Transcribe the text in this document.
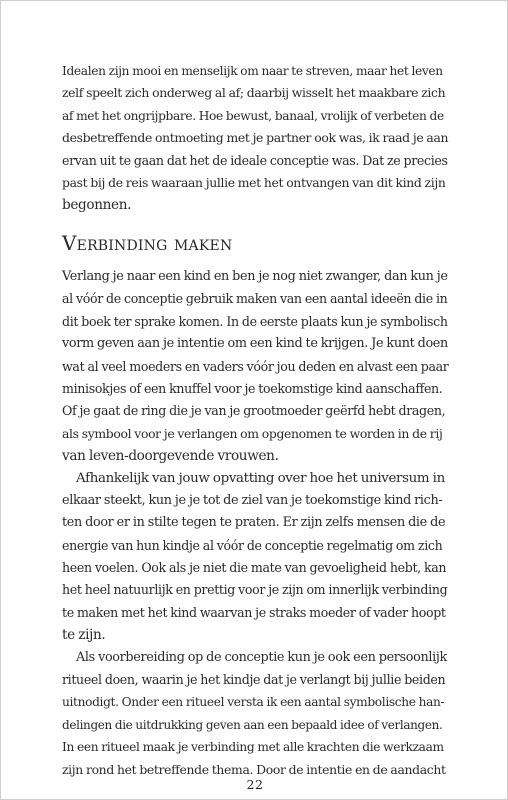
Idealen zijn mooi en menselijk om naar te streven, maar het leven
zelf speelt zich onderweg al af; daarbij wisselt het maakbare zich
af met het ongrijpbare. Hoe bewust, banaal, vrolijk of verbeten de
desbetreffende ontmoeting met je partner ook was, ik raad je aan
ervan uit te gaan dat het de ideale conceptie was. Dat ze precies
past bij de reis waaraan jullie met het ontvangen van dit kind zijn
begonnen.
Verbinding maken
Verlang je naar een kind en ben je nog niet zwanger, dan kun je
al vóór de conceptie gebruik maken van een aantal ideeën die in
dit boek ter sprake komen. In de eerste plaats kun je symbolisch
vorm geven aan je intentie om een kind te krijgen. Je kunt doen
wat al veel moeders en vaders vóór jou deden en alvast een paar
minisokjes of een knuffel voor je toekomstige kind aanschaffen.
Of je gaat de ring die je van je grootmoeder geërfd hebt dragen,
als symbool voor je verlangen om opgenomen te worden in de rij
van leven-doorgevende vrouwen.
Afhankelijk van jouw opvatting over hoe het universum in
elkaar steekt, kun je je tot de ziel van je toekomstige kind rich-
ten door er in stilte tegen te praten. Er zijn zelfs mensen die de
energie van hun kindje al vóór de conceptie regelmatig om zich
heen voelen. Ook als je niet die mate van gevoeligheid hebt, kan
het heel natuurlijk en prettig voor je zijn om innerlijk verbinding
te maken met het kind waarvan je straks moeder of vader hoopt
te zijn.
Als voorbereiding op de conceptie kun je ook een persoonlijk
ritueel doen, waarin je het kindje dat je verlangt bij jullie beiden
uitnodigt. Onder een ritueel versta ik een aantal symbolische han-
delingen die uitdrukking geven aan een bepaald idee of verlangen.
In een ritueel maak je verbinding met alle krachten die werkzaam
zijn rond het betreffende thema. Door de intentie en de aandacht
22
